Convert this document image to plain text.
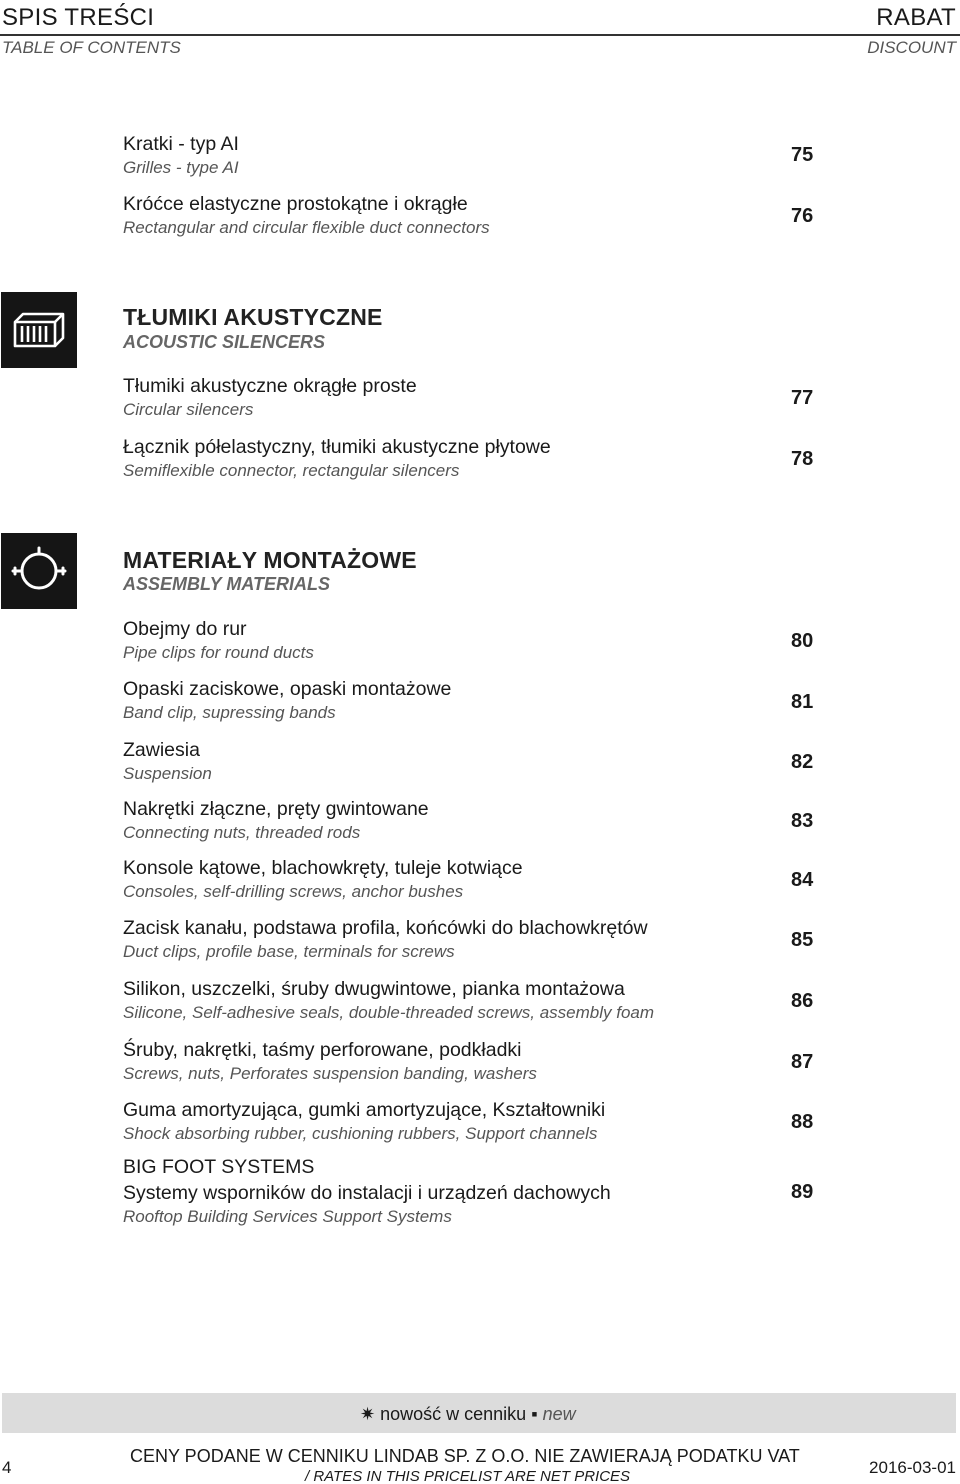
SPIS TREŚCI
TABLE OF CONTENTS
RABAT
DISCOUNT
Kratki - typ AI
Grilles - type AI
75
Króćce elastyczne prostokątne i okrągłe
Rectangular and circular flexible duct connectors
76
TŁUMIKI AKUSTYCZNE
ACOUSTIC SILENCERS
Tłumiki akustyczne okrągłe proste
Circular silencers
77
Łącznik półelastyczny, tłumiki akustyczne płytowe
Semiflexible connector, rectangular silencers
78
MATERIAŁY MONTAŻOWE
ASSEMBLY MATERIALS
Obejmy do rur
Pipe clips for round ducts
80
Opaski zaciskowe, opaski montażowe
Band clip, supressing bands	81
Zawiesia
Suspension
82
Nakrętki złączne, pręty gwintowane
Connecting nuts, threaded rods
83
Konsole kątowe, blachowkręty, tuleje kotwiące
Consoles, self-drilling screws, anchor bushes
84
Zacisk kanału, podstawa profila, końcówki do blachowkrętów
Duct clips, profile base, terminals for screws
85
Silikon, uszczelki, śruby dwugwintowe, pianka montażowa
Silicone, Self-adhesive seals, double-threaded screws, assembly foam
86
Śruby, nakrętki, taśmy perforowane, podkładki
Screws, nuts, Perforates suspension banding, washers
87
Guma amortyzująca, gumki amortyzujące, Kształtowniki
Shock absorbing rubber, cushioning rubbers, Support channels
88
BIG FOOT SYSTEMS
Systemy wsporników do instalacji i urządzeń dachowych
Rooftop Building Services Support Systems
89
✷ nowość w cenniku ▪ new
4
CENY PODANE W CENNIKU LINDAB SP. Z O.O. NIE ZAWIERAJĄ PODATKU VAT
/ RATES IN THIS PRICELIST ARE NET PRICES	2016-03-01
